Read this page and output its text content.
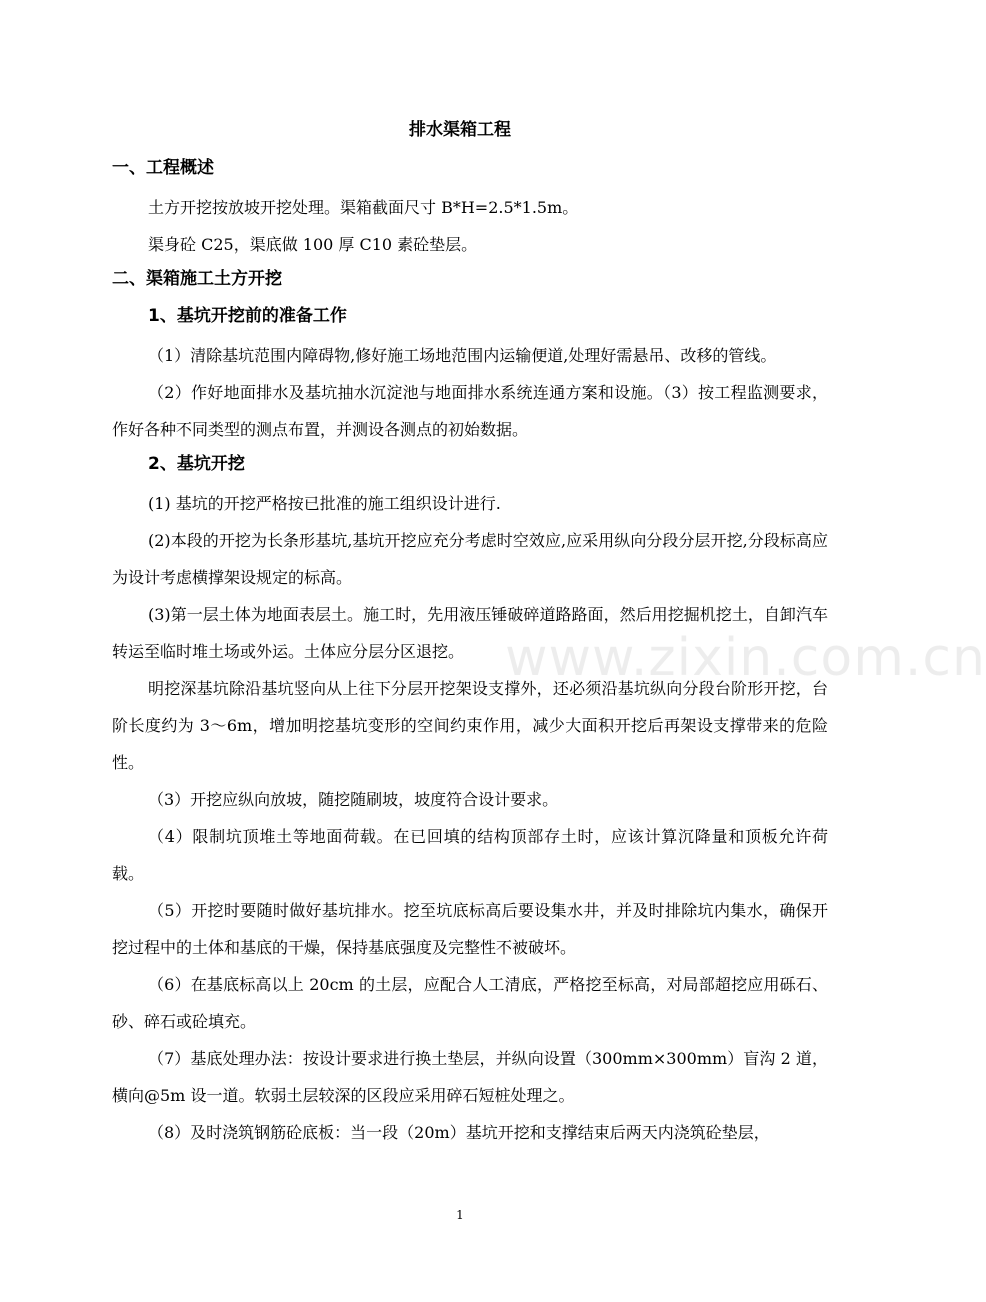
www.zixin.com.cn
排水渠箱工程
一、工程概述

土方开挖按放坡开挖处理。渠箱截面尺寸 B*H=2.5*1.5m。

渠身砼 C25，渠底做 100 厚 C10 素砼垫层。

二、渠箱施工土方开挖
1、基坑开挖前的准备工作

（1）清除基坑范围内障碍物,修好施工场地范围内运输便道,处理好需悬吊、改移的管线。

（2）作好地面排水及基坑抽水沉淀池与地面排水系统连通方案和设施。（3）按工程监测要求，作好各种不同类型的测点布置，并测设各测点的初始数据。

2、基坑开挖

(1) 基坑的开挖严格按已批准的施工组织设计进行.

(2)本段的开挖为长条形基坑,基坑开挖应充分考虑时空效应,应采用纵向分段分层开挖,分段标高应为设计考虑横撑架设规定的标高。

(3)第一层土体为地面表层土。施工时，先用液压锤破碎道路路面，然后用挖掘机挖土，自卸汽车转运至临时堆土场或外运。土体应分层分区退挖。

明挖深基坑除沿基坑竖向从上往下分层开挖架设支撑外，还必须沿基坑纵向分段台阶形开挖，台阶长度约为 3～6m，增加明挖基坑变形的空间约束作用，减少大面积开挖后再架设支撑带来的危险性。

（3）开挖应纵向放坡，随挖随刷坡，坡度符合设计要求。

（4）限制坑顶堆土等地面荷载。在已回填的结构顶部存土时，应该计算沉降量和顶板允许荷载。

（5）开挖时要随时做好基坑排水。挖至坑底标高后要设集水井，并及时排除坑内集水，确保开挖过程中的土体和基底的干燥，保持基底强度及完整性不被破坏。

（6）在基底标高以上 20cm 的土层，应配合人工清底，严格挖至标高，对局部超挖应用砾石、砂、碎石或砼填充。

（7）基底处理办法：按设计要求进行换土垫层，并纵向设置（300mm×300mm）盲沟 2 道，横向@5m 设一道。软弱土层较深的区段应采用碎石短桩处理之。

（8）及时浇筑钢筋砼底板：当一段（20m）基坑开挖和支撑结束后两天内浇筑砼垫层，

1
